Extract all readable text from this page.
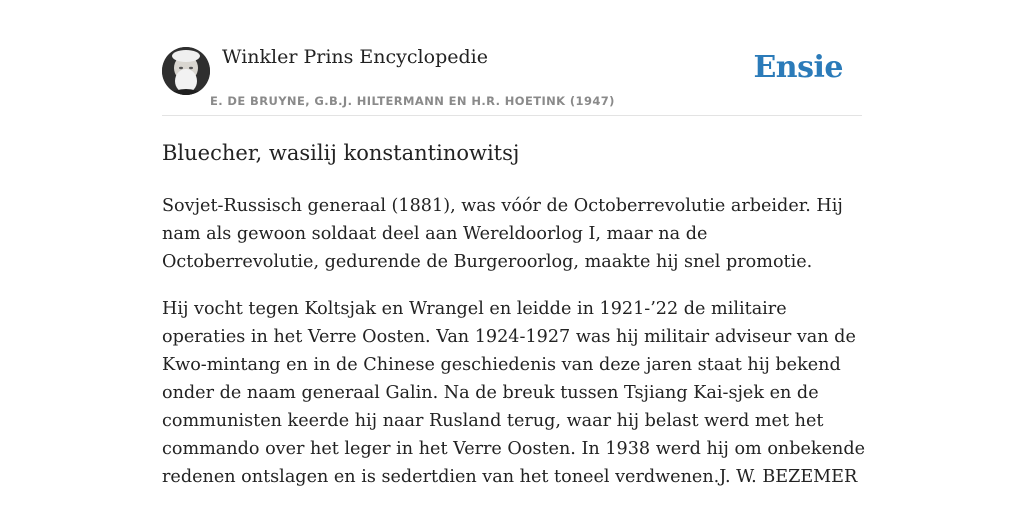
Winkler Prins Encyclopedie
E. DE BRUYNE, G.B.J. HILTERMANN EN H.R. HOETINK (1947)
Ensie
Bluecher, wasilij konstantinowitsj

Sovjet-Russisch generaal (1881), was vóór de Octoberrevolutie arbeider. Hij nam als gewoon soldaat deel aan Wereldoorlog I, maar na de Octoberrevolutie, gedurende de Burgeroorlog, maakte hij snel promotie.

Hij vocht tegen Koltsjak en Wrangel en leidde in 1921-’22 de militaire operaties in het Verre Oosten. Van 1924-1927 was hij militair adviseur van de Kwo-mintang en in de Chinese geschiedenis van deze jaren staat hij bekend onder de naam generaal Galin. Na de breuk tussen Tsjiang Kai-sjek en de communisten keerde hij naar Rusland terug, waar hij belast werd met het commando over het leger in het Verre Oosten. In 1938 werd hij om onbekende redenen ontslagen en is sedertdien van het toneel verdwenen.J. W. BEZEMER
